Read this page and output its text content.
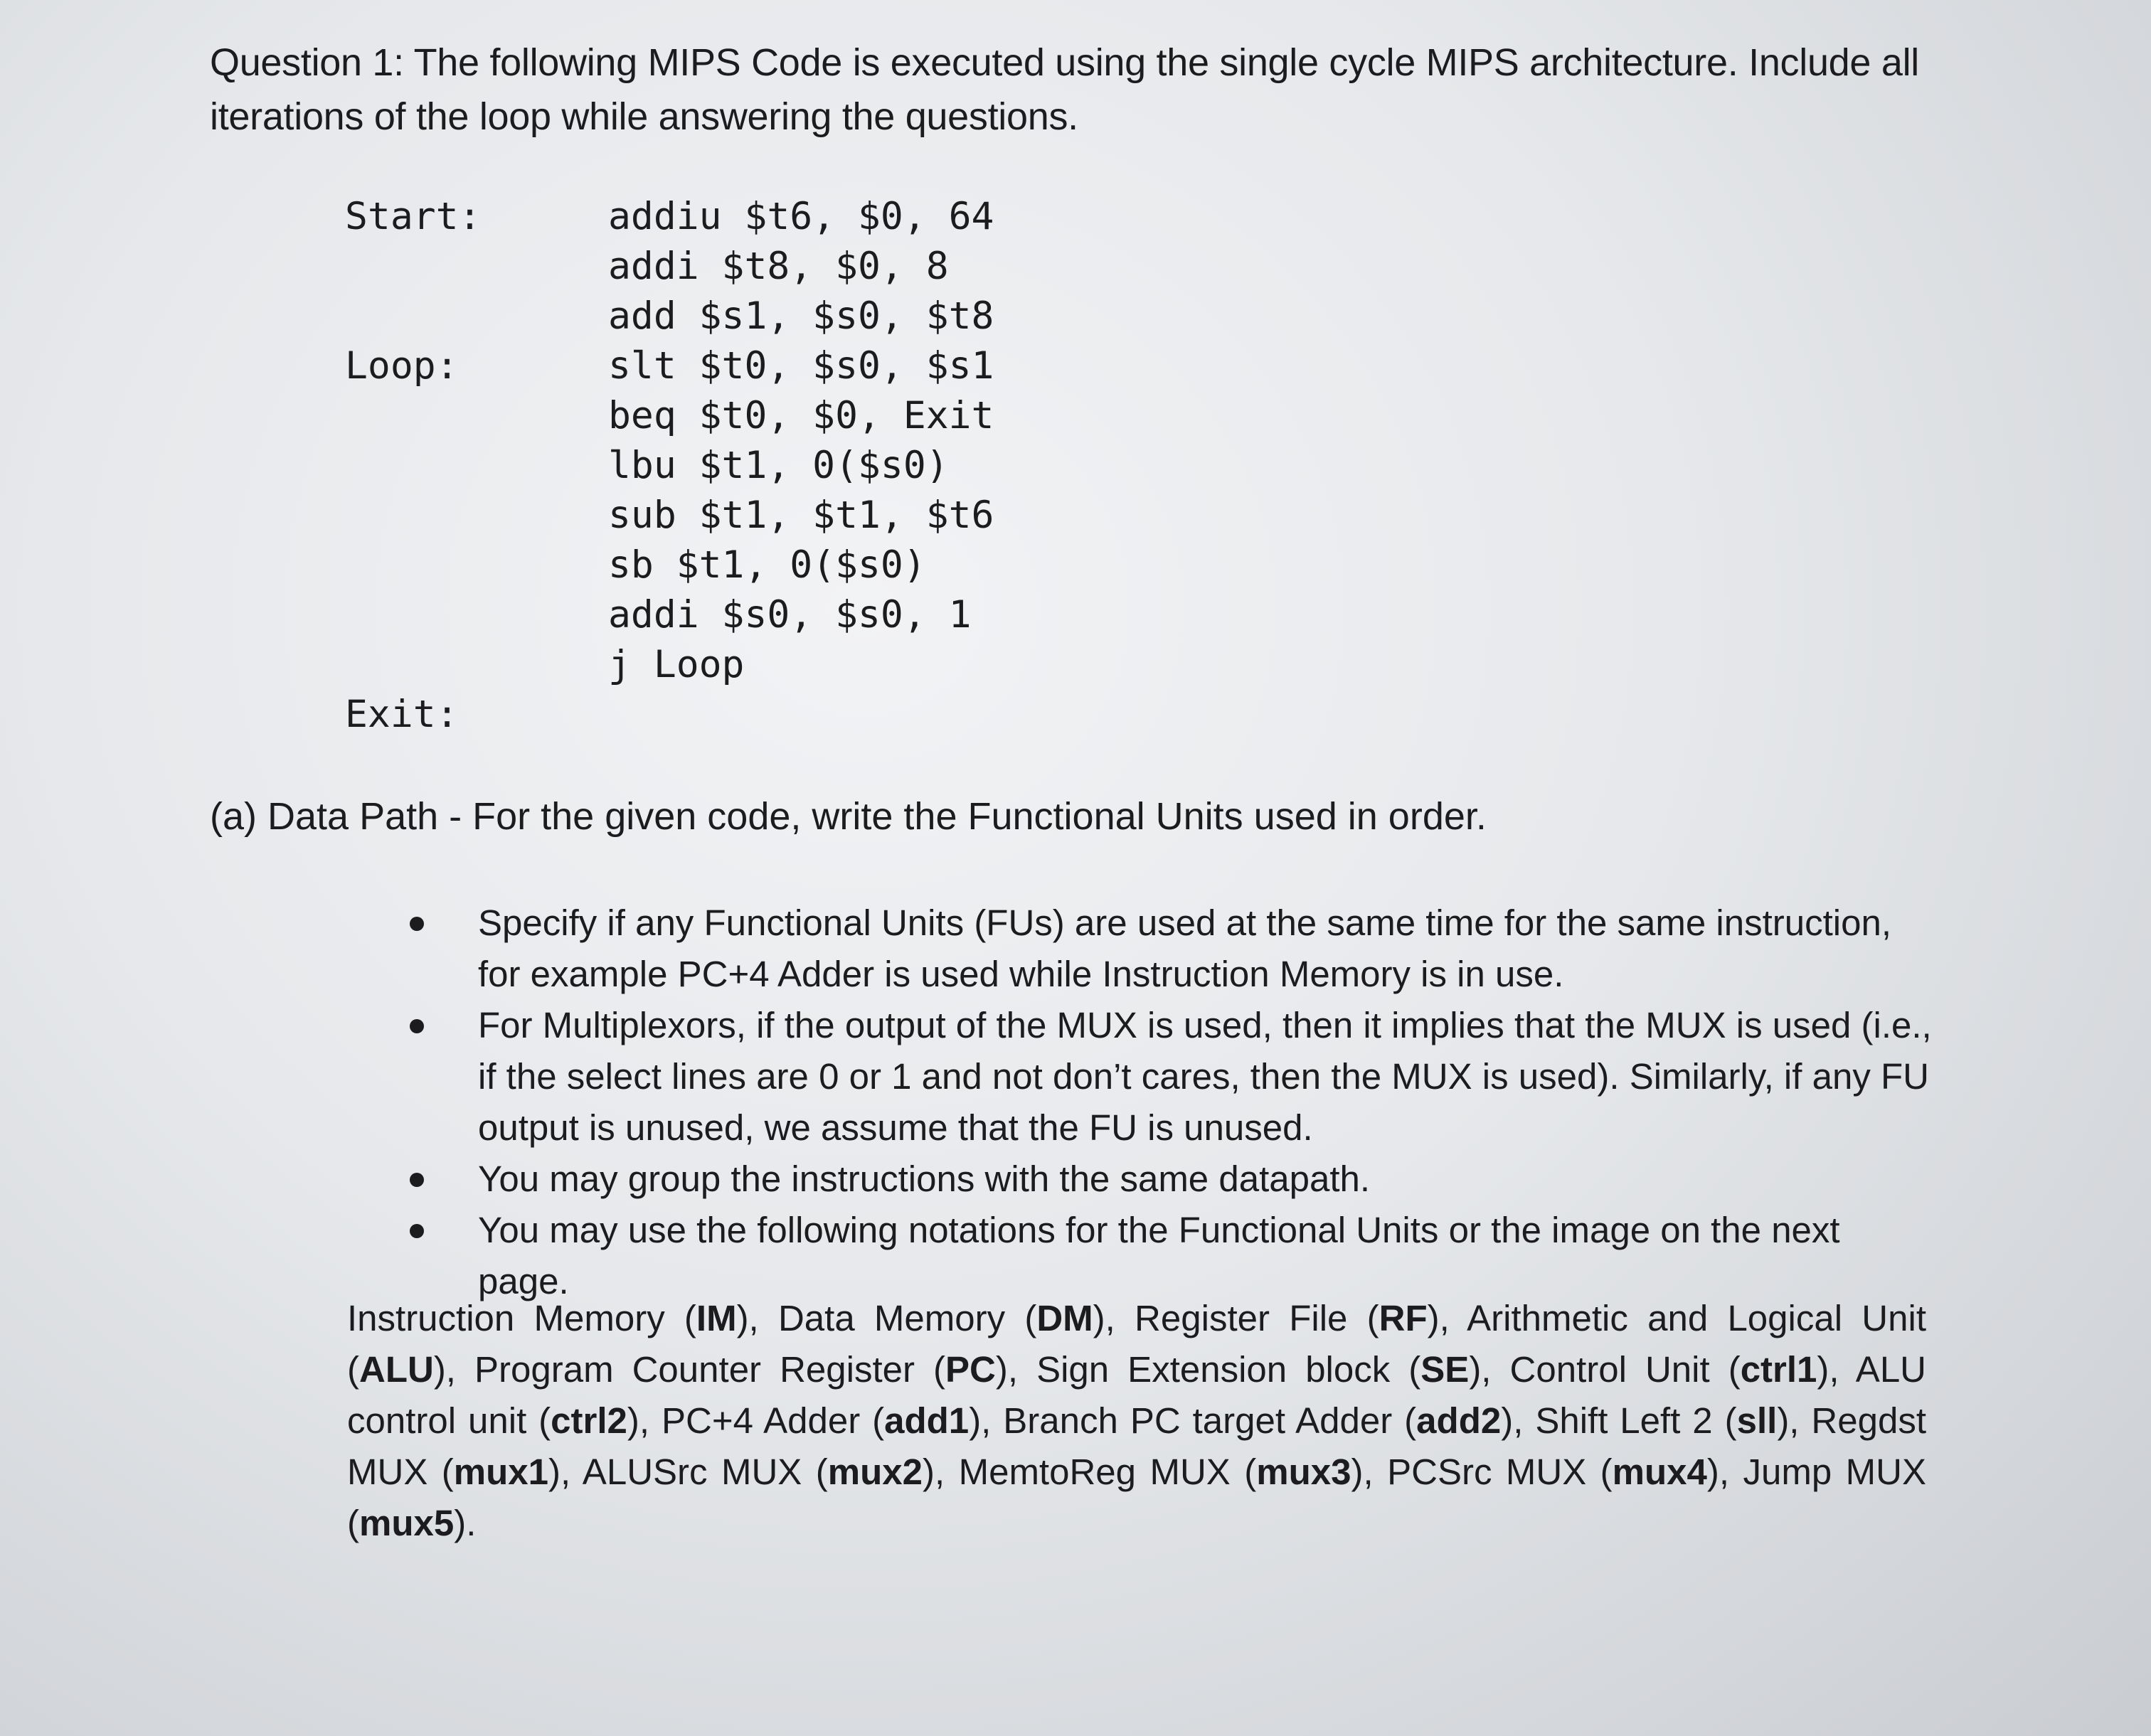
Question 1: The following MIPS Code is executed using the single cycle MIPS architecture. Include all iterations of the loop while answering the questions.

Start:

	addiu $t6, $0, 64

addi $t8, $0, 8

add $s1, $s0, $t8

Loop:

	slt $t0, $s0, $s1

beq $t0, $0, Exit

lbu $t1, 0($s0)

sub $t1, $t1, $t6

sb $t1, 0($s0)

addi $s0, $s0, 1

j Loop

Exit:

(a) Data Path - For the given code, write the Functional Units used in order.
Specify if any Functional Units (FUs) are used at the same time for the same instruction, for example PC+4 Adder is used while Instruction Memory is in use.
For Multiplexors, if the output of the MUX is used, then it implies that the MUX is used (i.e., if the select lines are 0 or 1 and not don’t cares, then the MUX is used). Similarly, if any FU output is unused, we assume that the FU is unused.
You may group the instructions with the same datapath.
You may use the following notations for the Functional Units or the image on the next page.
Instruction Memory (IM), Data Memory (DM), Register File (RF), Arithmetic and Logical Unit (ALU), Program Counter Register (PC), Sign Extension block (SE), Control Unit (ctrl1), ALU control unit (ctrl2), PC+4 Adder (add1), Branch PC target Adder (add2), Shift Left 2 (sll), Regdst MUX (mux1), ALUSrc MUX (mux2), MemtoReg MUX (mux3), PCSrc MUX (mux4), Jump MUX (mux5).
